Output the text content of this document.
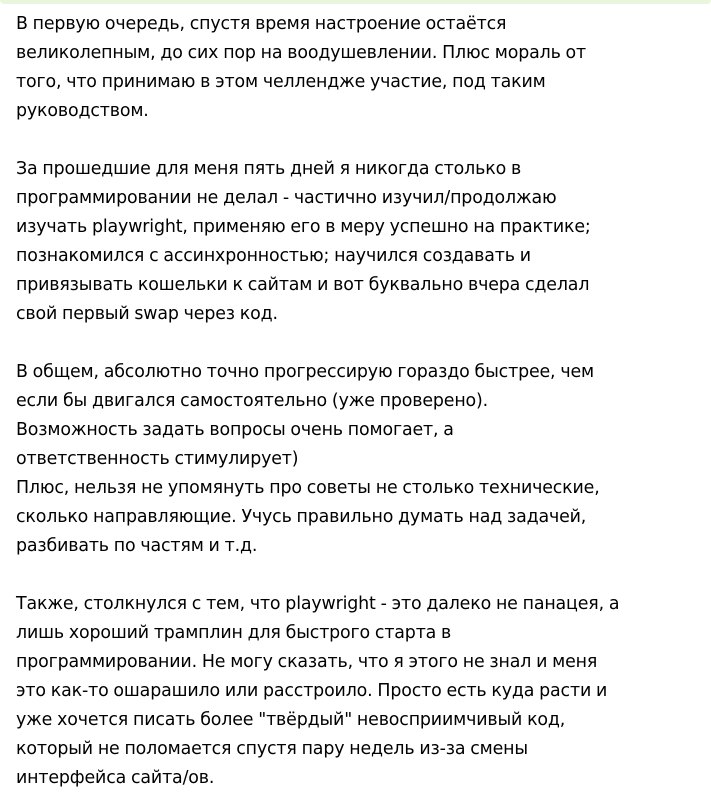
В первую очередь, спустя время настроение остаётся
великолепным, до сих пор на воодушевлении. Плюс мораль от
того, что принимаю в этом челлендже участие, под таким
руководством.

За прошедшие для меня пять дней я никогда столько в
программировании не делал - частично изучил/продолжаю
изучать playwright, применяю его в меру успешно на практике;
познакомился с ассинхронностью; научился создавать и
привязывать кошельки к сайтам и вот буквально вчера сделал
свой первый swap через код.

В общем, абсолютно точно прогрессирую гораздо быстрее, чем
если бы двигался самостоятельно (уже проверено).
Возможность задать вопросы очень помогает, а
ответственность стимулирует)
Плюс, нельзя не упомянуть про советы не столько технические,
сколько направляющие. Учусь правильно думать над задачей,
разбивать по частям и т.д.

Также, столкнулся с тем, что playwright - это далеко не панацея, а
лишь хороший трамплин для быстрого старта в
программировании. Не могу сказать, что я этого не знал и меня
это как-то ошарашило или расстроило. Просто есть куда расти и
уже хочется писать более "твёрдый" невосприимчивый код,
который не поломается спустя пару недель из-за смены
интерфейса сайта/ов.
